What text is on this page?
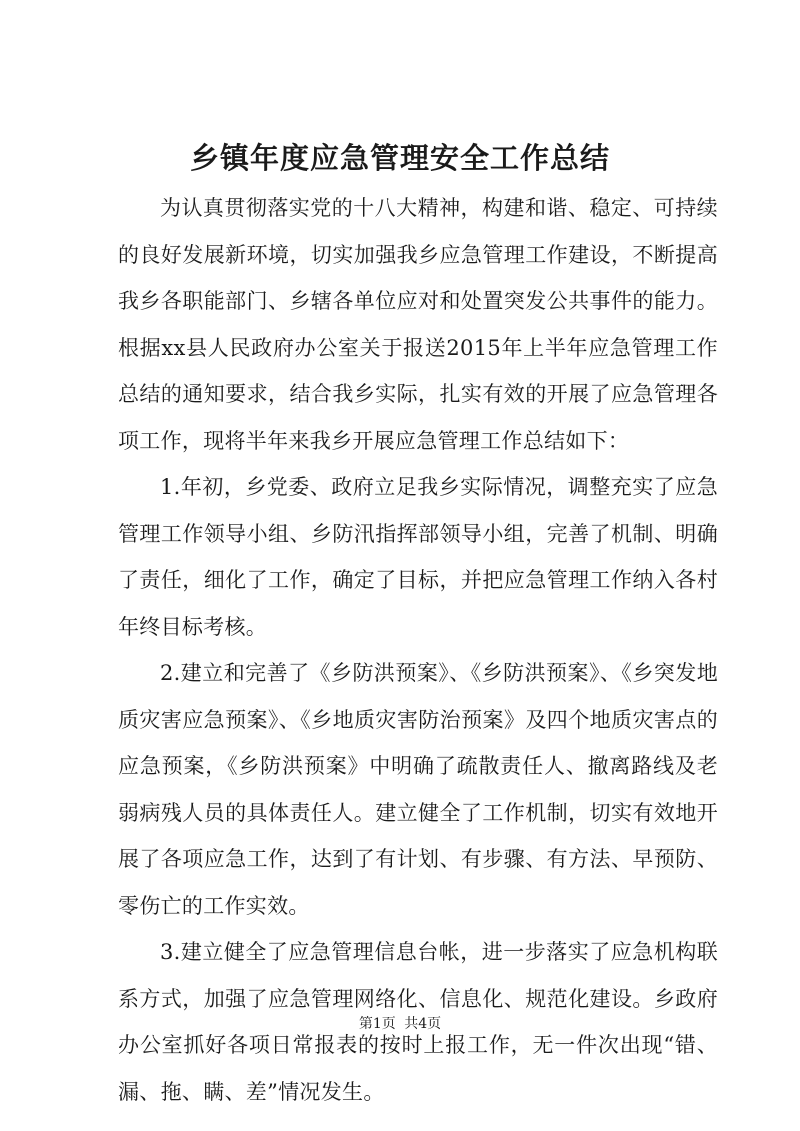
乡镇年度应急管理安全工作总结

为认真贯彻落实党的十八大精神，构建和谐、稳定、可持续的良好发展新环境，切实加强我乡应急管理工作建设，不断提高我乡各职能部门、乡辖各单位应对和处置突发公共事件的能力。根据xx县人民政府办公室关于报送2015年上半年应急管理工作总结的通知要求，结合我乡实际，扎实有效的开展了应急管理各项工作，现将半年来我乡开展应急管理工作总结如下：

1.年初，乡党委、政府立足我乡实际情况，调整充实了应急管理工作领导小组、乡防汛指挥部领导小组，完善了机制、明确了责任，细化了工作，确定了目标，并把应急管理工作纳入各村年终目标考核。

2.建立和完善了《乡防洪预案》、《乡防洪预案》、《乡突发地质灾害应急预案》、《乡地质灾害防治预案》及四个地质灾害点的应急预案，《乡防洪预案》中明确了疏散责任人、撤离路线及老弱病残人员的具体责任人。建立健全了工作机制，切实有效地开展了各项应急工作，达到了有计划、有步骤、有方法、早预防、零伤亡的工作实效。

3.建立健全了应急管理信息台帐，进一步落实了应急机构联系方式，加强了应急管理网络化、信息化、规范化建设。乡政府办公室抓好各项日常报表的按时上报工作，无一件次出现“错、漏、拖、瞒、差”情况发生。

第1页 共4页
